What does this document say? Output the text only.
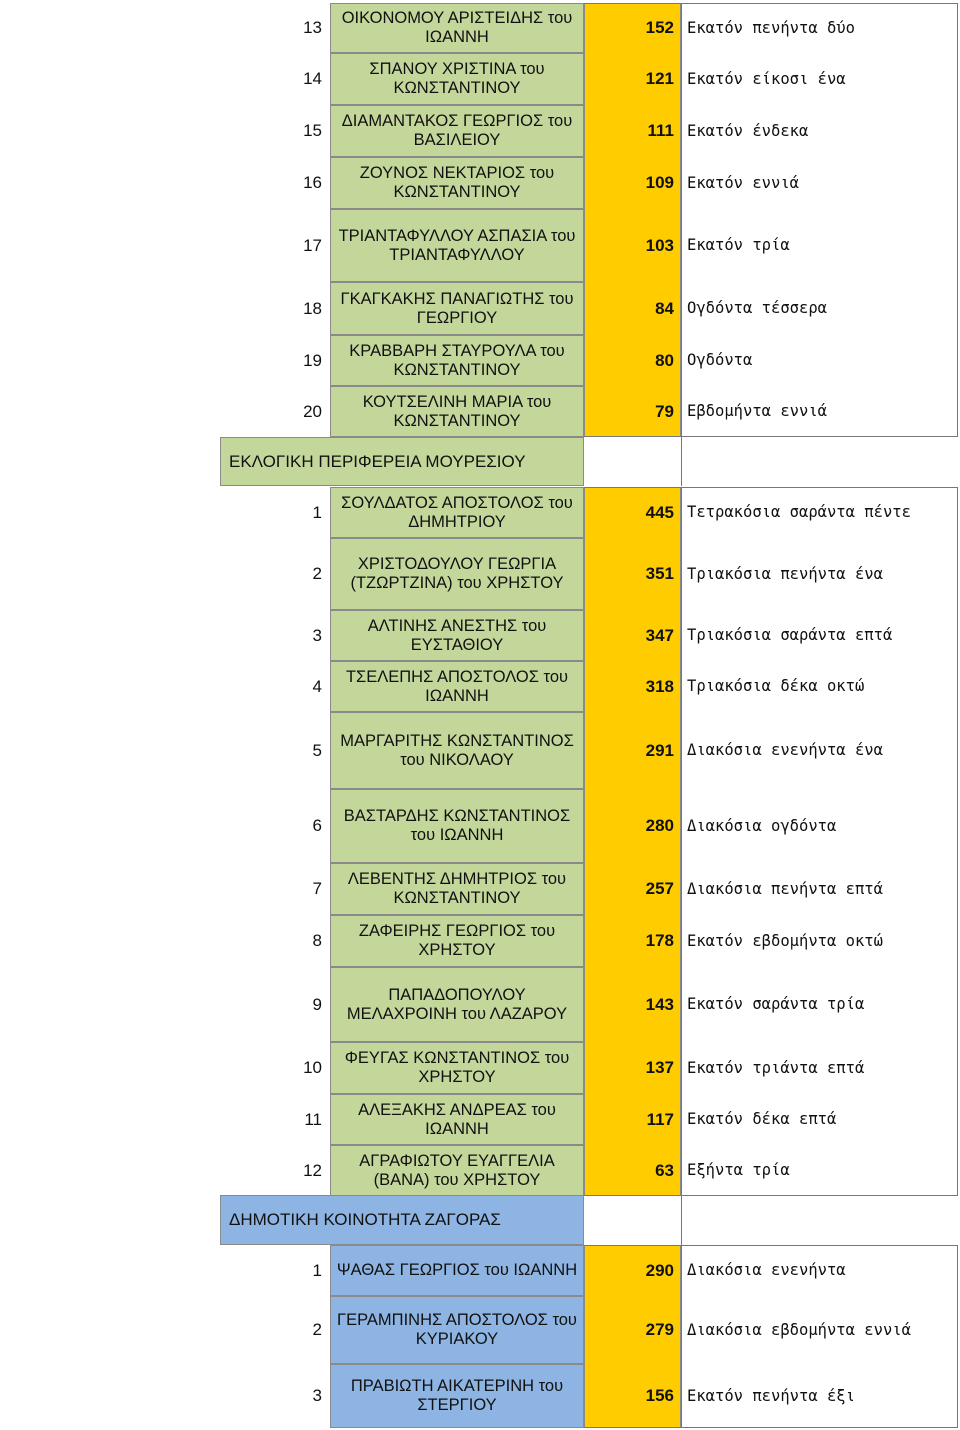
13	ΟΙΚΟΝΟΜΟΥ ΑΡΙΣΤΕΙΔΗΣ του ΙΩΑΝΝΗ	152 Εκατόν πενήντα δύο
14	ΣΠΑΝΟΥ ΧΡΙΣΤΙΝΑ του ΚΩΝΣΤΑΝΤΙΝΟΥ	121 Εκατόν είκοσι ένα
15	ΔΙΑΜΑΝΤΑΚΟΣ ΓΕΩΡΓΙΟΣ του ΒΑΣΙΛΕΙΟΥ	111 Εκατόν ένδεκα
16	ΖΟΥΝΟΣ ΝΕΚΤΑΡΙΟΣ του ΚΩΝΣΤΑΝΤΙΝΟΥ	109 Εκατόν εννιά
17	ΤΡΙΑΝΤΑΦΥΛΛΟΥ ΑΣΠΑΣΙΑ του ΤΡΙΑΝΤΑΦΥΛΛΟΥ	103 Εκατόν τρία
18	ΓΚΑΓΚΑΚΗΣ ΠΑΝΑΓΙΩΤΗΣ του ΓΕΩΡΓΙΟΥ	84 Ογδόντα τέσσερα
19	ΚΡΑΒΒΑΡΗ ΣΤΑΥΡΟΥΛΑ του ΚΩΝΣΤΑΝΤΙΝΟΥ	80 Ογδόντα
20	ΚΟΥΤΣΕΛΙΝΗ ΜΑΡΙΑ του ΚΩΝΣΤΑΝΤΙΝΟΥ	79 Εβδομήντα εννιά
ΕΚΛΟΓΙΚΗ ΠΕΡΙΦΕΡΕΙΑ ΜΟΥΡΕΣΙΟΥ
1	ΣΟΥΛΔΑΤΟΣ ΑΠΟΣΤΟΛΟΣ του ΔΗΜΗΤΡΙΟΥ	445 Τετρακόσια σαράντα πέντε
2	ΧΡΙΣΤΟΔΟΥΛΟΥ ΓΕΩΡΓΙΑ (ΤΖΩΡΤΖΙΝΑ) του ΧΡΗΣΤΟΥ	351 Τριακόσια πενήντα ένα
3	ΑΛΤΙΝΗΣ ΑΝΕΣΤΗΣ του ΕΥΣΤΑΘΙΟΥ	347 Τριακόσια σαράντα επτά
4	ΤΣΕΛΕΠΗΣ ΑΠΟΣΤΟΛΟΣ του ΙΩΑΝΝΗ	318 Τριακόσια δέκα οκτώ
5	ΜΑΡΓΑΡΙΤΗΣ ΚΩΝΣΤΑΝΤΙΝΟΣ του ΝΙΚΟΛΑΟΥ	291 Διακόσια ενενήντα ένα
6	ΒΑΣΤΑΡΔΗΣ ΚΩΝΣΤΑΝΤΙΝΟΣ του ΙΩΑΝΝΗ	280 Διακόσια ογδόντα
7	ΛΕΒΕΝΤΗΣ ΔΗΜΗΤΡΙΟΣ του ΚΩΝΣΤΑΝΤΙΝΟΥ	257 Διακόσια πενήντα επτά
8	ΖΑΦΕΙΡΗΣ ΓΕΩΡΓΙΟΣ του ΧΡΗΣΤΟΥ	178 Εκατόν εβδομήντα οκτώ
9	ΠΑΠΑΔΟΠΟΥΛΟΥ ΜΕΛΑΧΡΟΙΝΗ του ΛΑΖΑΡΟΥ	143 Εκατόν σαράντα τρία
10	ΦΕΥΓΑΣ ΚΩΝΣΤΑΝΤΙΝΟΣ του ΧΡΗΣΤΟΥ	137 Εκατόν τριάντα επτά
11	ΑΛΕΞΑΚΗΣ ΑΝΔΡΕΑΣ του ΙΩΑΝΝΗ	117 Εκατόν δέκα επτά
12	ΑΓΡΑΦΙΩΤΟΥ ΕΥΑΓΓΕΛΙΑ (ΒΑΝΑ) του ΧΡΗΣΤΟΥ	63 Εξήντα τρία
ΔΗΜΟΤΙΚΗ ΚΟΙΝΟΤΗΤΑ ΖΑΓΟΡΑΣ
1 ΨΑΘΑΣ ΓΕΩΡΓΙΟΣ του ΙΩΑΝΝΗ	290 Διακόσια ενενήντα
2 ΓΕΡΑΜΠΙΝΗΣ ΑΠΟΣΤΟΛΟΣ του ΚΥΡΙΑΚΟΥ	279 Διακόσια εβδομήντα εννιά
3	ΠΡΑΒΙΩΤΗ ΑΙΚΑΤΕΡΙΝΗ του ΣΤΕΡΓΙΟΥ	156 Εκατόν πενήντα έξι
